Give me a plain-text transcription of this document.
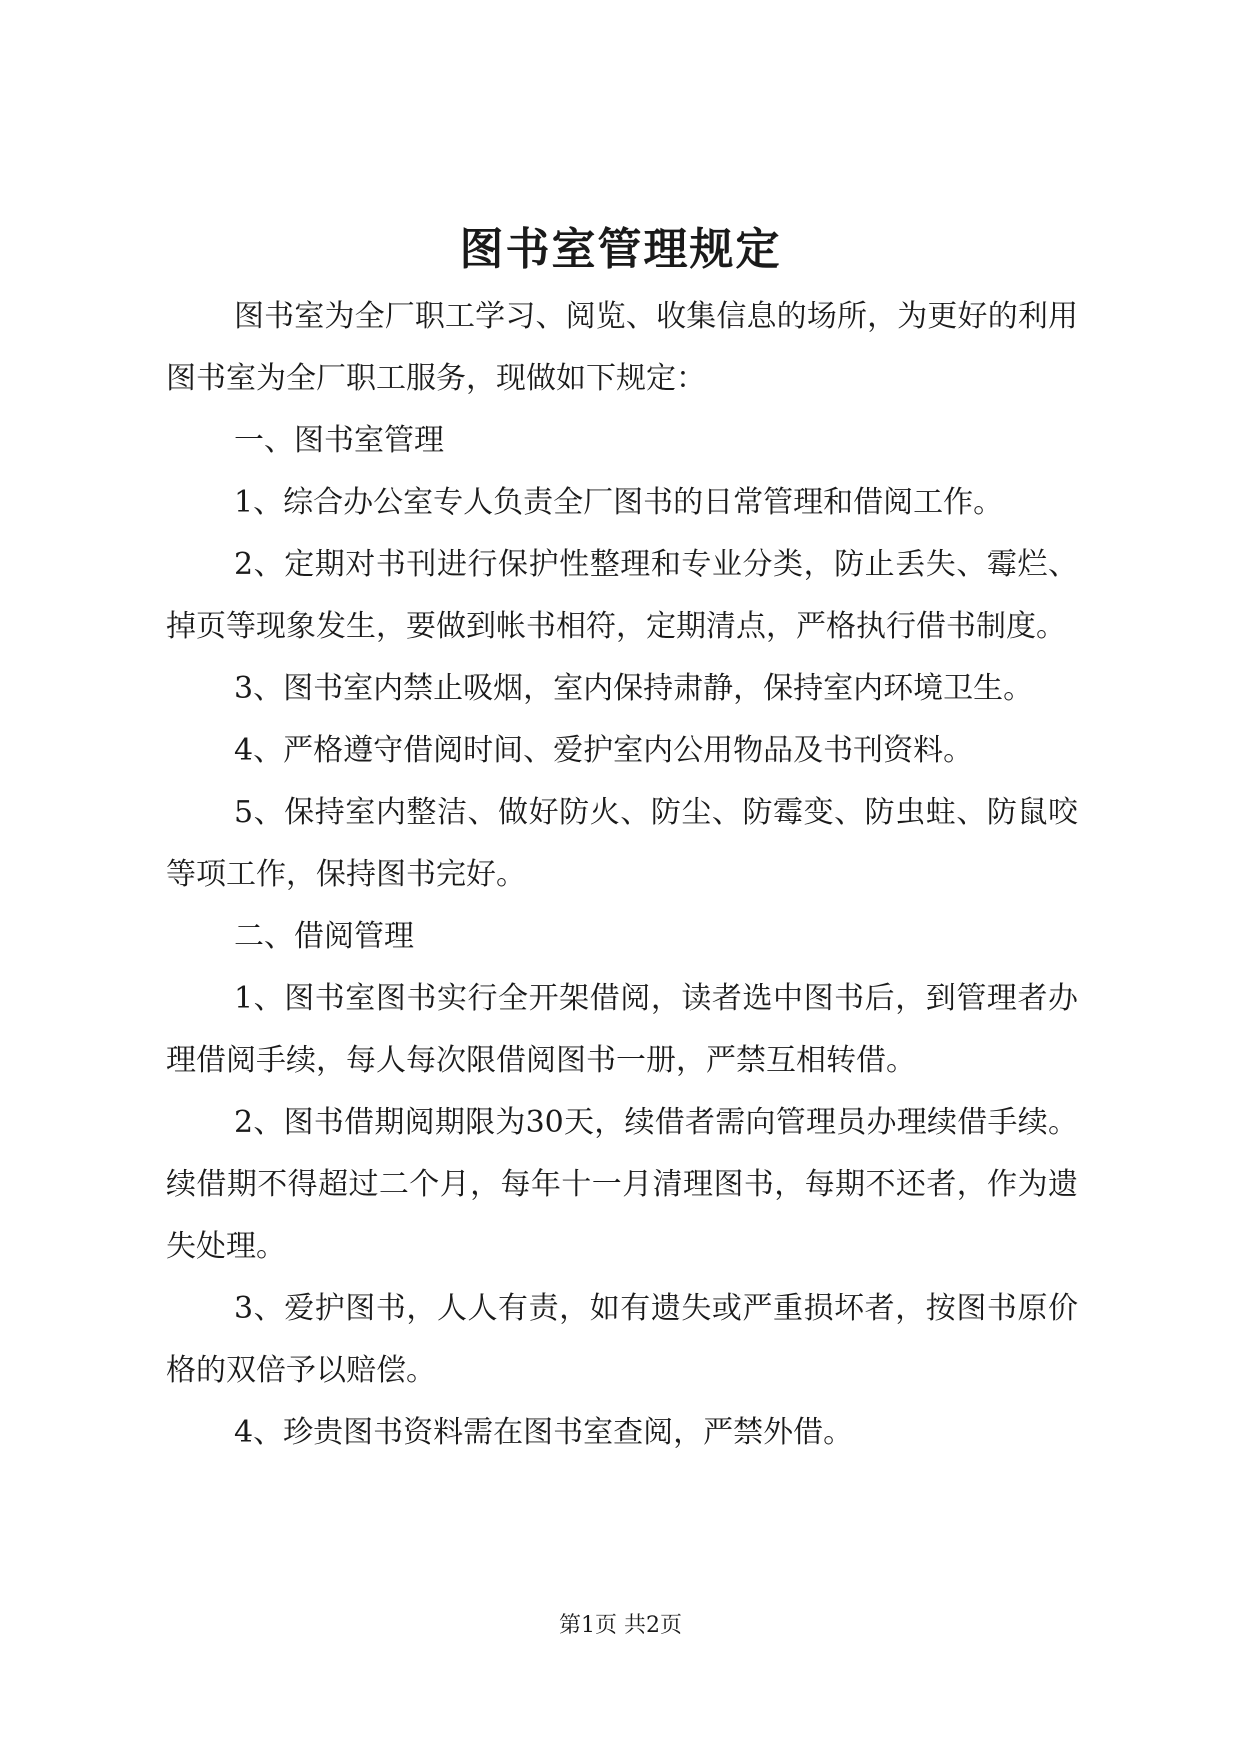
图书室管理规定

图书室为全厂职工学习、阅览、收集信息的场所，为更好的利用图书室为全厂职工服务，现做如下规定：

一、图书室管理

1、综合办公室专人负责全厂图书的日常管理和借阅工作。

2、定期对书刊进行保护性整理和专业分类，防止丢失、霉烂、掉页等现象发生，要做到帐书相符，定期清点，严格执行借书制度。

3、图书室内禁止吸烟，室内保持肃静，保持室内环境卫生。

4、严格遵守借阅时间、爱护室内公用物品及书刊资料。

5、保持室内整洁、做好防火、防尘、防霉变、防虫蛀、防鼠咬等项工作，保持图书完好。

二、借阅管理

1、图书室图书实行全开架借阅，读者选中图书后，到管理者办理借阅手续，每人每次限借阅图书一册，严禁互相转借。

2、图书借期阅期限为30天，续借者需向管理员办理续借手续。续借期不得超过二个月，每年十一月清理图书，每期不还者，作为遗失处理。

3、爱护图书，人人有责，如有遗失或严重损坏者，按图书原价格的双倍予以赔偿。

4、珍贵图书资料需在图书室查阅，严禁外借。

第1页 共2页
